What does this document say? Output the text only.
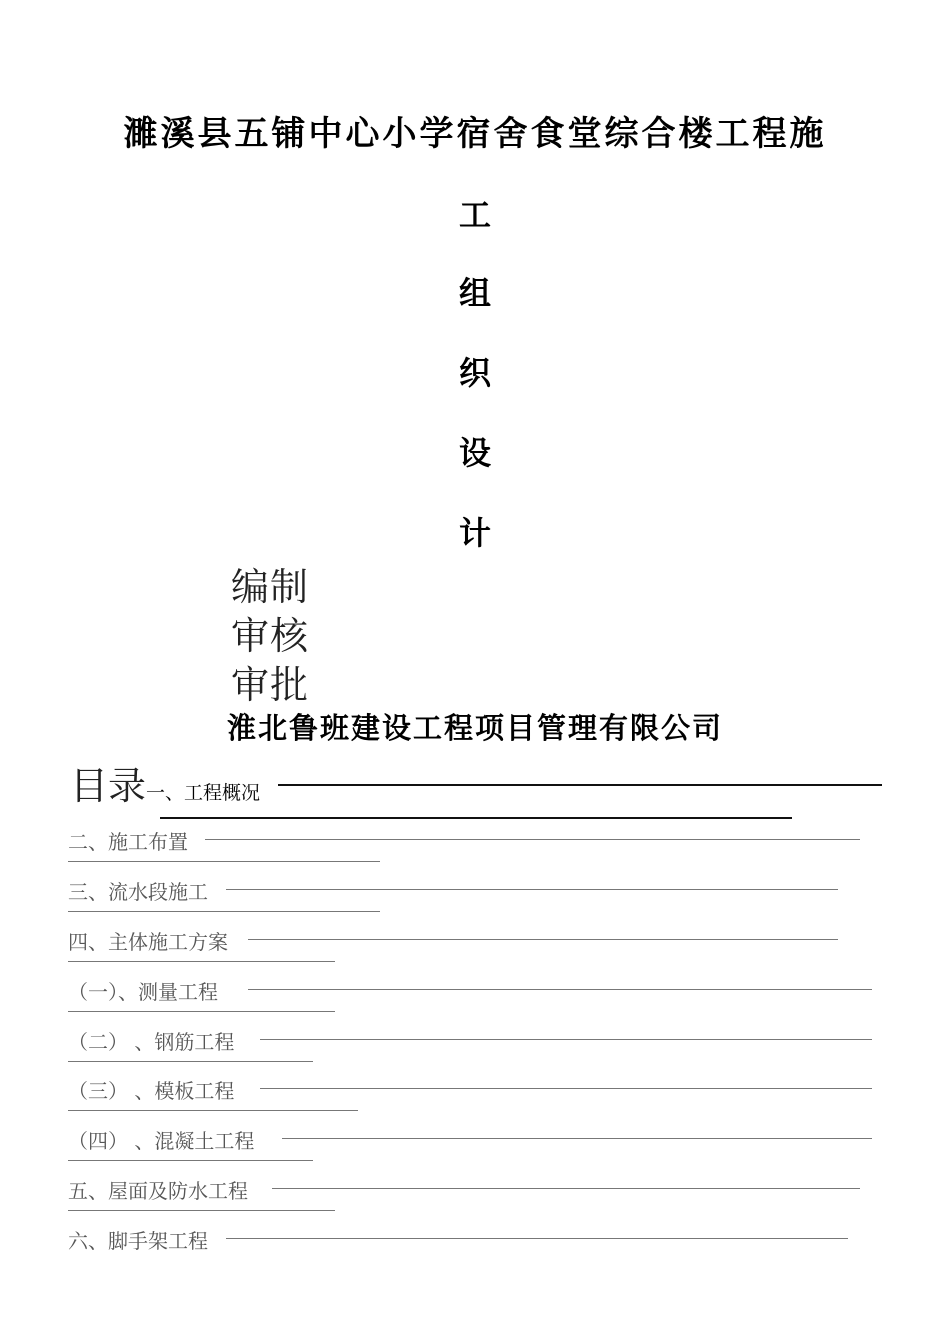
濉溪县五铺中心小学宿舍食堂综合楼工程施
工
组
织
设
计
编制
审核
审批
淮北鲁班建设工程项目管理有限公司
目录一、工程概况
二、施工布置
三、流水段施工
四、主体施工方案
（一）、测量工程
（二） 、钢筋工程
（三） 、模板工程
（四） 、混凝土工程
五、屋面及防水工程
六、脚手架工程
